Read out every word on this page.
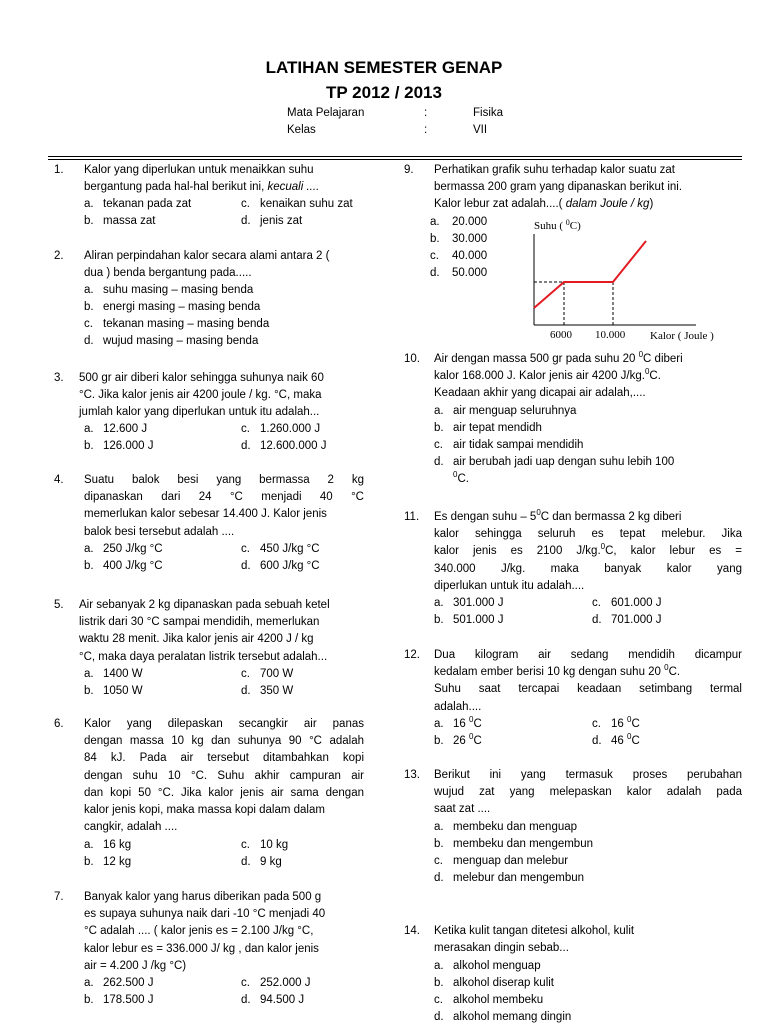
LATIHAN SEMESTER GENAP
TP 2012 / 2013
Mata Pelajaran	:	Fisika
Kelas	:	VII
1. Kalor yang diperlukan untuk menaikkan suhu
bergantung pada hal-hal berikut ini, kecuali ....
a. tekanan pada zat	c. kenaikan suhu zat
b. massa zat	d. jenis zat
2. Aliran perpindahan kalor secara alami antara 2 (
dua ) benda bergantung pada.....
a. suhu masing – masing benda
b. energi masing – masing benda
c. tekanan masing – masing benda
d. wujud masing – masing benda
3. 500 gr air diberi kalor sehingga suhunya naik 60
°C. Jika kalor jenis air 4200 joule / kg. °C, maka
jumlah kalor yang diperlukan untuk itu adalah...
a. 12.600 J	c. 1.260.000 J
b. 126.000 J	d. 12.600.000 J
4. Suatu balok besi yang bermassa 2 kg
dipanaskan dari 24 °C menjadi 40 °C
memerlukan kalor sebesar 14.400 J. Kalor jenis
balok besi tersebut adalah ....
a. 250 J/kg °C	c. 450 J/kg °C
b. 400 J/kg °C	d. 600 J/kg °C
5. Air sebanyak 2 kg dipanaskan pada sebuah ketel
listrik dari 30 °C sampai mendidih, memerlukan
waktu 28 menit. Jika kalor jenis air 4200 J / kg
°C, maka daya peralatan listrik tersebut adalah...
a. 1400 W	c. 700 W
b. 1050 W	d. 350 W
6. Kalor yang dilepaskan secangkir air panas
dengan massa 10 kg dan suhunya 90 °C adalah
84 kJ. Pada air tersebut ditambahkan kopi
dengan suhu 10 °C. Suhu akhir campuran air
dan kopi 50 °C. Jika kalor jenis air sama dengan
kalor jenis kopi, maka massa kopi dalam dalam
cangkir, adalah ....
a. 16 kg	c. 10 kg
b. 12 kg	d. 9 kg
7. Banyak kalor yang harus diberikan pada 500 g
es supaya suhunya naik dari -10 °C menjadi 40
°C adalah .... ( kalor jenis es = 2.100 J/kg °C,
kalor lebur es = 336.000 J/ kg , dan kalor jenis
air = 4.200 J /kg °C)
a. 262.500 J	c. 252.000 J
b. 178.500 J	d. 94.500 J
9. Perhatikan grafik suhu terhadap kalor suatu zat
bermassa 200 gram yang dipanaskan berikut ini.
Kalor lebur zat adalah....( dalam Joule / kg)
a. 20.000
b. 30.000
c. 40.000
d. 50.000
Suhu ( $^0$C)
6000 10.000 Kalor ( Joule )
10. Air dengan massa 500 gr pada suhu 20 $^0$C diberi
kalor 168.000 J. Kalor jenis air 4200 J/kg.$^0$C.
Keadaan akhir yang dicapai air adalah,....
a. air menguap seluruhnya
b. air tepat mendidh
c. air tidak sampai mendidih
d. air berubah jadi uap dengan suhu lebih 100
$^0$C.
11. Es dengan suhu – $5^0C$ dan bermassa 2 kg diberi
kalor sehingga seluruh es tepat melebur. Jika
kalor jenis es 2100 J/kg.$^0$C, kalor lebur es =
340.000 J/kg. maka banyak kalor yang
diperlukan untuk itu adalah....
a. 301.000 J	c. 601.000 J
b. 501.000 J	d. 701.000 J
12. Dua kilogram air sedang mendidih dicampur
kedalam ember berisi 10 kg dengan suhu 20 $^0$C.
Suhu saat tercapai keadaan setimbang termal
adalah....
a. 16 $^0$C	c. 16 $^0$C
b. 26 $^0$C	d. 46 $^0$C
13. Berikut ini yang termasuk proses perubahan
wujud zat yang melepaskan kalor adalah pada
saat zat ....
a. membeku dan menguap
b. membeku dan mengembun
c. menguap dan melebur
d. melebur dan mengembun
14. Ketika kulit tangan ditetesi alkohol, kulit
merasakan dingin sebab...
a. alkohol menguap
b. alkohol diserap kulit
c. alkohol membeku
d. alkohol memang dingin
